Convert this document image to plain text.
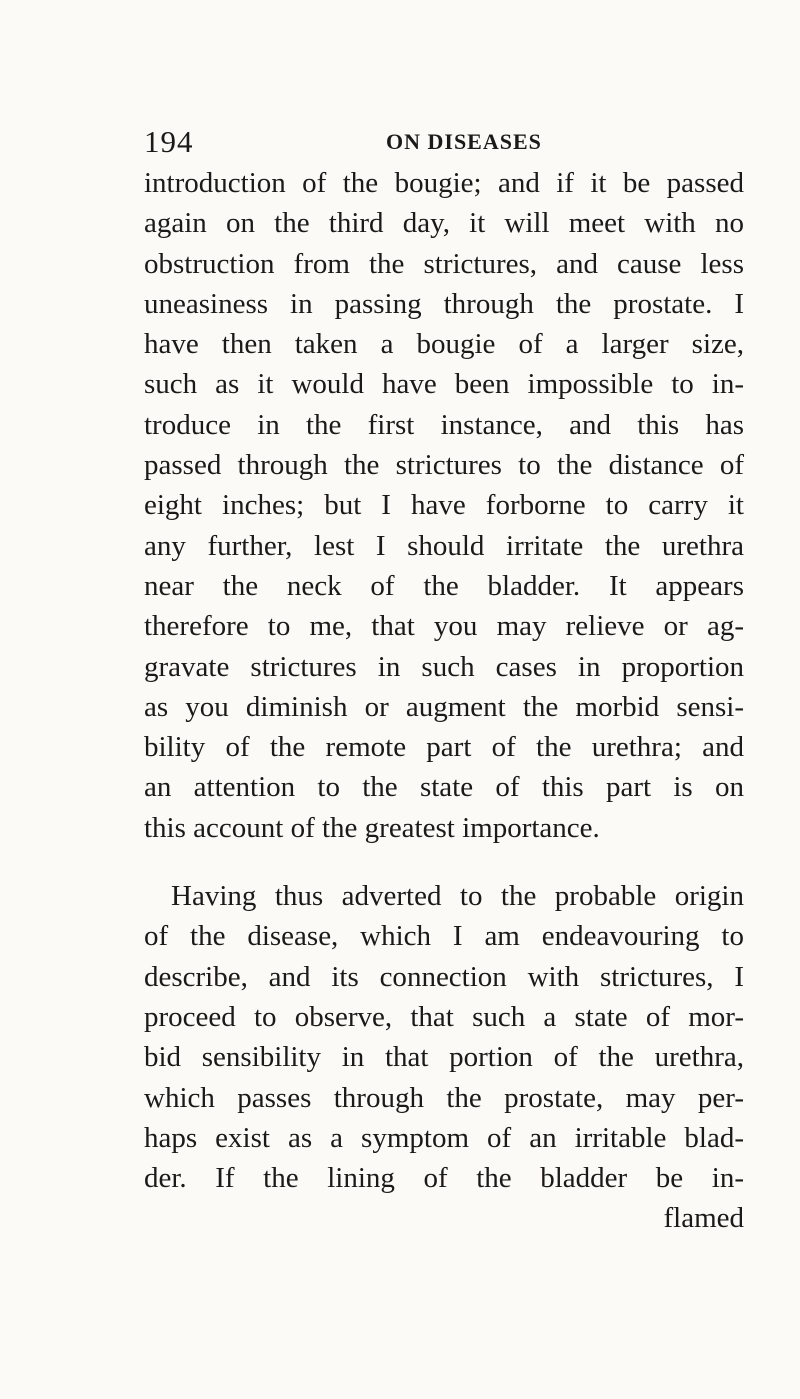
194	ON DISEASES
introduction of the bougie; and if it be passed
again on the third day, it will meet with no
obstruction from the strictures, and cause less
uneasiness in passing through the prostate. I
have then taken a bougie of a larger size,
such as it would have been impossible to in-
troduce in the first instance, and this has
passed through the strictures to the distance of
eight inches; but I have forborne to carry it
any further, lest I should irritate the urethra
near the neck of the bladder. It appears
therefore to me, that you may relieve or ag-
gravate strictures in such cases in proportion
as you diminish or augment the morbid sensi-
bility of the remote part of the urethra; and
an attention to the state of this part is on
this account of the greatest importance.
Having thus adverted to the probable origin
of the disease, which I am endeavouring to
describe, and its connection with strictures, I
proceed to observe, that such a state of mor-
bid sensibility in that portion of the urethra,
which passes through the prostate, may per-
haps exist as a symptom of an irritable blad-
der. If the lining of the bladder be in-
flamed
